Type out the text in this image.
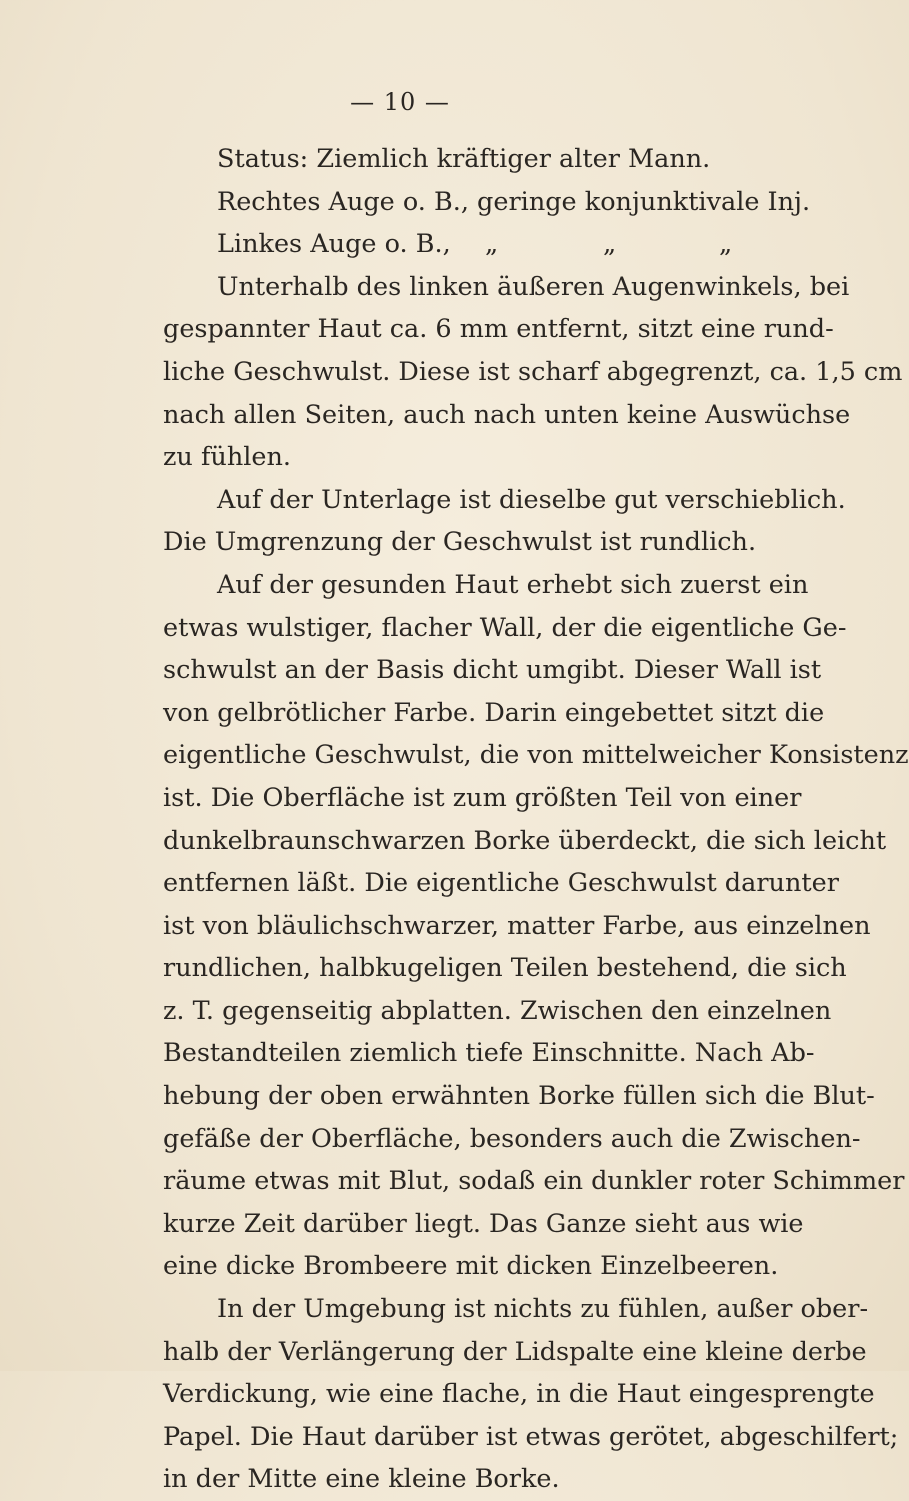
— 10 —
Status: Ziemlich kräftiger alter Mann.
Rechtes Auge o. B., geringe konjunktivale Inj.
Linkes Auge o. B., „	„	„
Unterhalb des linken äußeren Augenwinkels, bei
gespannter Haut ca. 6 mm entfernt, sitzt eine rund-
liche Geschwulst. Diese ist scharf abgegrenzt, ca. 1,5 cm
nach allen Seiten, auch nach unten keine Auswüchse
zu fühlen.
Auf der Unterlage ist dieselbe gut verschieblich.
Die Umgrenzung der Geschwulst ist rundlich.
Auf der gesunden Haut erhebt sich zuerst ein
etwas wulstiger, flacher Wall, der die eigentliche Ge-
schwulst an der Basis dicht umgibt. Dieser Wall ist
von gelbrötlicher Farbe. Darin eingebettet sitzt die
eigentliche Geschwulst, die von mittelweicher Konsistenz
ist. Die Oberfläche ist zum größten Teil von einer
dunkelbraunschwarzen Borke überdeckt, die sich leicht
entfernen läßt. Die eigentliche Geschwulst darunter
ist von bläulichschwarzer, matter Farbe, aus einzelnen
rundlichen, halbkugeligen Teilen bestehend, die sich
z. T. gegenseitig abplatten. Zwischen den einzelnen
Bestandteilen ziemlich tiefe Einschnitte. Nach Ab-
hebung der oben erwähnten Borke füllen sich die Blut-
gefäße der Oberfläche, besonders auch die Zwischen-
räume etwas mit Blut, sodaß ein dunkler roter Schimmer
kurze Zeit darüber liegt. Das Ganze sieht aus wie
eine dicke Brombeere mit dicken Einzelbeeren.
In der Umgebung ist nichts zu fühlen, außer ober-
halb der Verlängerung der Lidspalte eine kleine derbe
Verdickung, wie eine flache, in die Haut eingesprengte
Papel. Die Haut darüber ist etwas gerötet, abgeschilfert;
in der Mitte eine kleine Borke.
